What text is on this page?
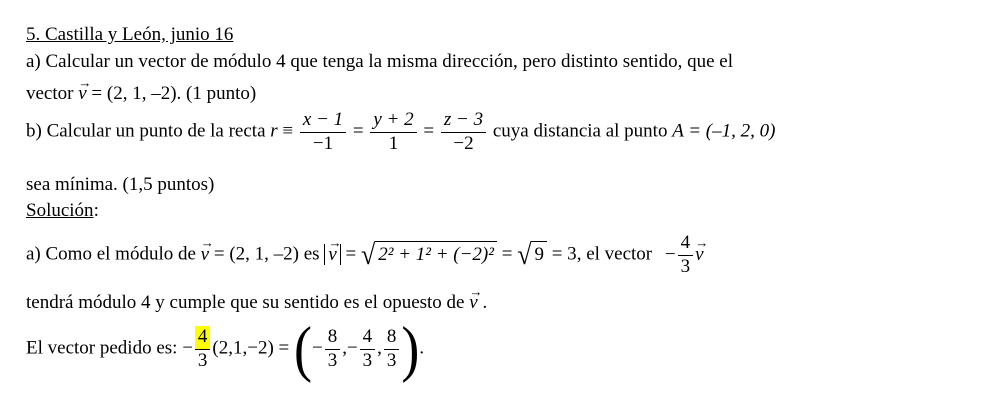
5. Castilla y León, junio 16
a) Calcular un vector de módulo 4 que tenga la misma dirección, pero distinto sentido, que el
vector → v = (2, 1, –2). (1 punto)
b) Calcular un punto de la recta $r \equiv \frac{x - 1}{-1} = \frac{y + 2}{1} = \frac{z - 3}{-2}$ cuya distancia al punto A = (–1, 2, 0)
sea mínima. (1,5 puntos)
Solución:
a) Como el módulo de → v = (2, 1, –2) es → v = √ 2² + 1² + (−2)² = √ 9 = 3, el vector − $\frac{4}{3}$
→ v
tendrá módulo 4 y cumple que su sentido es el opuesto de → v .
El vector pedido es: − $\frac{4}{3} (2,1,-2)$ = (− $\frac{8}{3}$ ,− $\frac{4}{3}$ , $\frac{8}{3}$ ).
